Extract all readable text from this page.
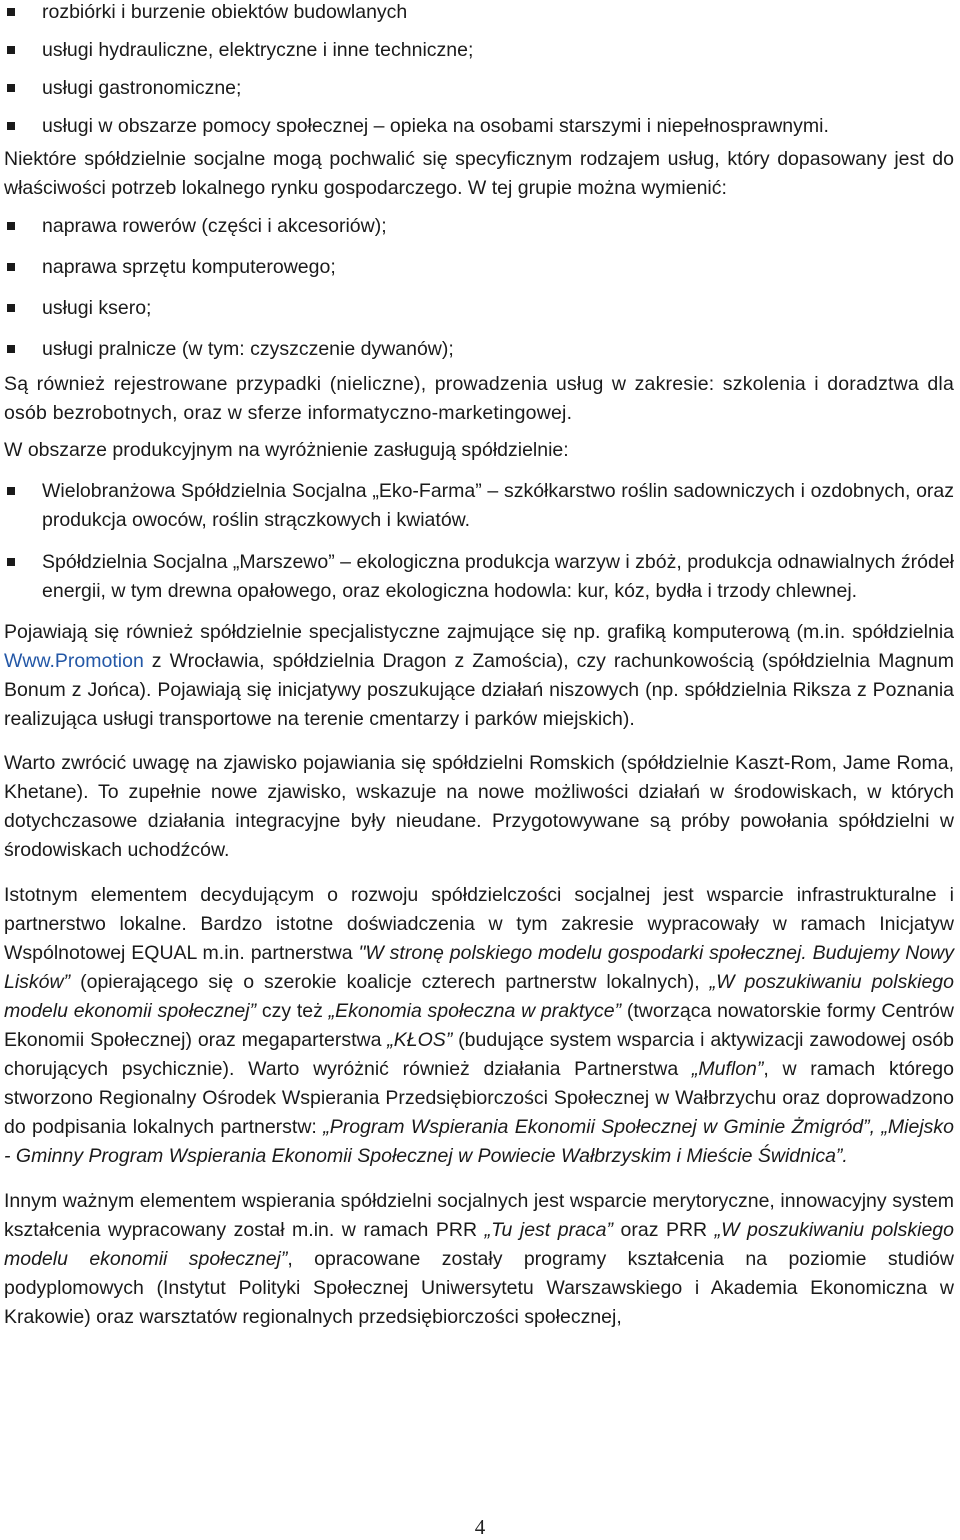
rozbiórki i burzenie obiektów budowlanych
usługi hydrauliczne, elektryczne i inne techniczne;
usługi gastronomiczne;
usługi w obszarze pomocy społecznej – opieka na osobami starszymi i niepełnosprawnymi.

Niektóre spółdzielnie socjalne mogą pochwalić się specyficznym rodzajem usług, który dopasowany jest do właściwości potrzeb lokalnego rynku gospodarczego. W tej grupie można wymienić:

naprawa rowerów (części i akcesoriów);
naprawa sprzętu komputerowego;
usługi ksero;
usługi pralnicze (w tym: czyszczenie dywanów);

Są również rejestrowane przypadki (nieliczne), prowadzenia usług w zakresie: szkolenia i doradztwa dla osób bezrobotnych, oraz w sferze informatyczno-marketingowej.

W obszarze produkcyjnym na wyróżnienie zasługują spółdzielnie:

Wielobranżowa Spółdzielnia Socjalna „Eko-Farma” – szkółkarstwo roślin sadowniczych i ozdobnych, oraz produkcja owoców, roślin strączkowych i kwiatów.
Spółdzielnia Socjalna „Marszewo” – ekologiczna produkcja warzyw i zbóż, produkcja odnawialnych źródeł energii, w tym drewna opałowego, oraz ekologiczna hodowla: kur, kóz, bydła i trzody chlewnej.

Pojawiają się również spółdzielnie specjalistyczne zajmujące się np. grafiką komputerową (m.in. spółdzielnia Www.Promotion z Wrocławia, spółdzielnia Dragon z Zamościa), czy rachunkowością (spółdzielnia Magnum Bonum z Jońca). Pojawiają się inicjatywy poszukujące działań niszowych (np. spółdzielnia Riksza z Poznania realizująca usługi transportowe na terenie cmentarzy i parków miejskich).

Warto zwrócić uwagę na zjawisko pojawiania się spółdzielni Romskich (spółdzielnie Kaszt-Rom, Jame Roma, Khetane). To zupełnie nowe zjawisko, wskazuje na nowe możliwości działań w środowiskach, w których dotychczasowe działania integracyjne były nieudane. Przygotowywane są próby powołania spółdzielni w środowiskach uchodźców.

Istotnym elementem decydującym o rozwoju spółdzielczości socjalnej jest wsparcie infrastrukturalne i partnerstwo lokalne. Bardzo istotne doświadczenia w tym zakresie wypracowały w ramach Inicjatyw Wspólnotowej EQUAL m.in. partnerstwa "W stronę polskiego modelu gospodarki społecznej. Budujemy Nowy Lisków” (opierającego się o szerokie koalicje czterech partnerstw lokalnych), „W poszukiwaniu polskiego modelu ekonomii społecznej” czy też „Ekonomia społeczna w praktyce” (tworząca nowatorskie formy Centrów Ekonomii Społecznej) oraz megaparterstwa „KŁOS” (budujące system wsparcia i aktywizacji zawodowej osób chorujących psychicznie). Warto wyróżnić również działania Partnerstwa „Muflon”, w ramach którego stworzono Regionalny Ośrodek Wspierania Przedsiębiorczości Społecznej w Wałbrzychu oraz doprowadzono do podpisania lokalnych partnerstw: „Program Wspierania Ekonomii Społecznej w Gminie Żmigród”, „Miejsko - Gminny Program Wspierania Ekonomii Społecznej w Powiecie Wałbrzyskim i Mieście Świdnica”.

Innym ważnym elementem wspierania spółdzielni socjalnych jest wsparcie merytoryczne, innowacyjny system kształcenia wypracowany został m.in. w ramach PRR „Tu jest praca” oraz PRR „W poszukiwaniu polskiego modelu ekonomii społecznej”, opracowane zostały programy kształcenia na poziomie studiów podyplomowych (Instytut Polityki Społecznej Uniwersytetu Warszawskiego i Akademia Ekonomiczna w Krakowie) oraz warsztatów regionalnych przedsiębiorczości społecznej,

4
